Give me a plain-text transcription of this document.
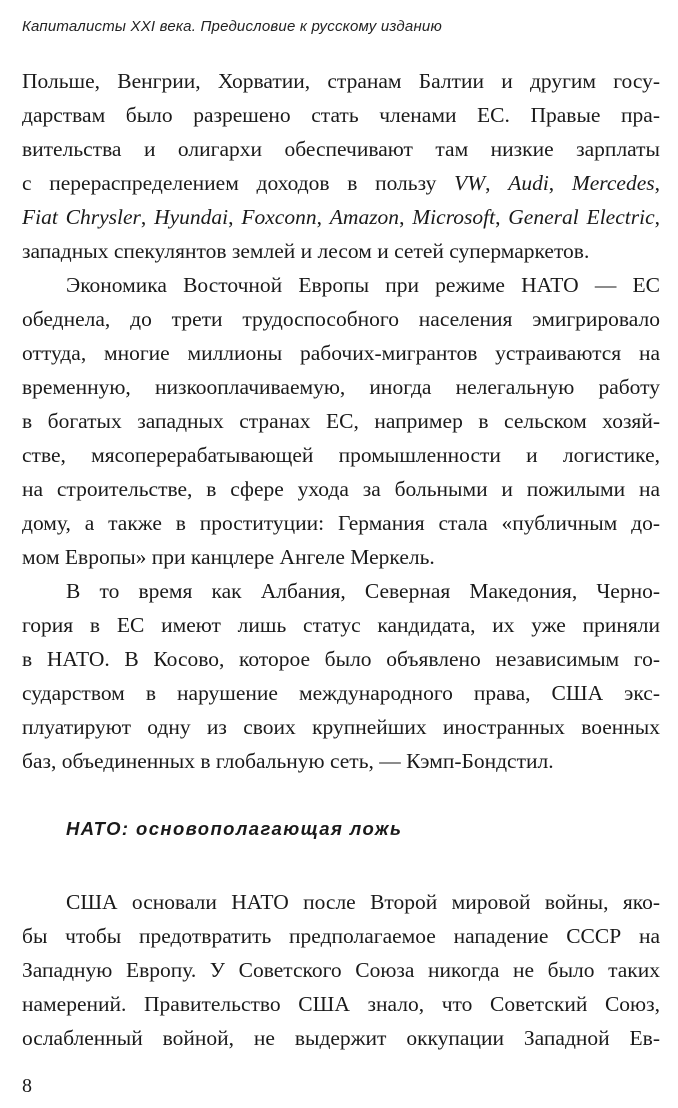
Капиталисты XXI века. Предисловие к русскому изданию
Польше, Венгрии, Хорватии, странам Балтии и другим госу-
дарствам было разрешено стать членами ЕС. Правые пра-
вительства и олигархи обеспечивают там низкие зарплаты
с перераспределением доходов в пользу VW, Audi, Mercedes,
Fiat Chrysler, Hyundai, Foxconn, Amazon, Microsoft, General Electric,
западных спекулянтов землей и лесом и сетей супермаркетов.
Экономика Восточной Европы при режиме НАТО — ЕС
обеднела, до трети трудоспособного населения эмигрировало
оттуда, многие миллионы рабочих-мигрантов устраиваются на
временную, низкооплачиваемую, иногда нелегальную работу
в богатых западных странах ЕС, например в сельском хозяй-
стве, мясоперерабатывающей промышленности и логистике,
на строительстве, в сфере ухода за больными и пожилыми на
дому, а также в проституции: Германия стала «публичным до-
мом Европы» при канцлере Ангеле Меркель.
В то время как Албания, Северная Македония, Черно-
гория в ЕС имеют лишь статус кандидата, их уже приняли
в НАТО. В Косово, которое было объявлено независимым го-
сударством в нарушение международного права, США экс-
плуатируют одну из своих крупнейших иностранных военных
баз, объединенных в глобальную сеть, — Кэмп-Бондстил.
НАТО: основополагающая ложь
США основали НАТО после Второй мировой войны, яко-
бы чтобы предотвратить предполагаемое нападение СССР на
Западную Европу. У Советского Союза никогда не было таких
намерений. Правительство США знало, что Советский Союз,
ослабленный войной, не выдержит оккупации Западной Ев-
8
